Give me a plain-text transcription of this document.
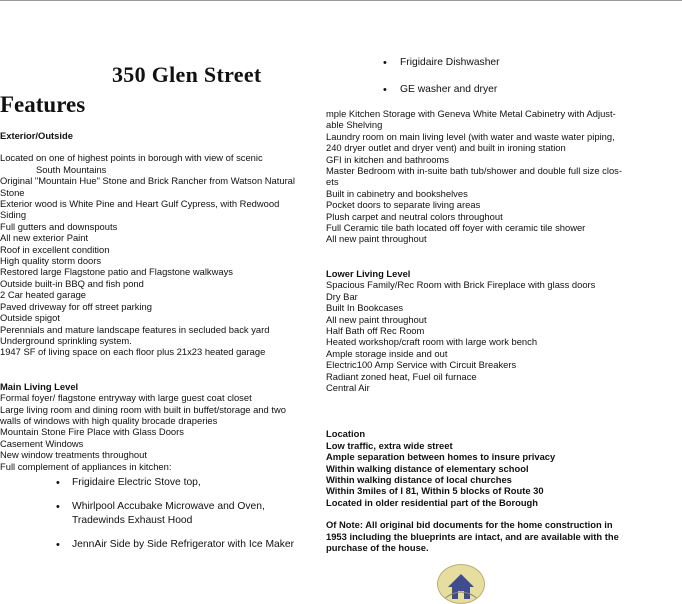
350 Glen Street
Features
• Frigidaire Dishwasher
• GE washer and dryer
Exterior/Outside
Located on one of highest points in borough with view of scenic
South Mountains
Original "Mountain Hue" Stone and Brick Rancher from Watson Natural
Stone
Exterior wood is White Pine and Heart Gulf Cypress, with Redwood
Siding
Full gutters and downspouts
All new exterior Paint
Roof in excellent condition
High quality storm doors
Restored large Flagstone patio and Flagstone walkways
Outside built-in BBQ and fish pond
2 Car heated garage
Paved driveway for off street parking
Outside spigot
Perennials and mature landscape features in secluded back yard
Underground sprinkling system.
1947 SF of living space on each floor plus 21x23 heated garage
Main Living Level
Formal foyer/ flagstone entryway with large guest coat closet
Large living room and dining room with built in buffet/storage and two
walls of windows with high quality brocade draperies
Mountain Stone Fire Place with Glass Doors
Casement Windows
New window treatments throughout
Full complement of appliances in kitchen:
• Frigidaire Electric Stove top,
• Whirlpool Accubake Microwave and Oven, Tradewinds Exhaust Hood
• JennAir Side by Side Refrigerator with Ice Maker
mple Kitchen Storage with Geneva White Metal Cabinetry with Adjust-
able Shelving
Laundry room on main living level (with water and waste water piping,
240 dryer outlet and dryer vent) and built in ironing station
GFI in kitchen and bathrooms
Master Bedroom with in-suite bath tub/shower and double full size clos-
ets
Built in cabinetry and bookshelves
Pocket doors to separate living areas
Plush carpet and neutral colors throughout
Full Ceramic tile bath located off foyer with ceramic tile shower
All new paint throughout
Lower Living Level
Spacious Family/Rec Room with Brick Fireplace with glass doors
Dry Bar
Built In Bookcases
All new paint throughout
Half Bath off Rec Room
Heated workshop/craft room with large work bench
Ample storage inside and out
Electric100 Amp Service with Circuit Breakers
Radiant zoned heat, Fuel oil furnace
Central Air
Location
Low traffic, extra wide street
Ample separation between homes to insure privacy
Within walking distance of elementary school
Within walking distance of local churches
Within 3miles of I 81, Within 5 blocks of Route 30
Located in older residential part of the Borough
Of Note: All original bid documents for the home construction in
1953 including the blueprints are intact, and are available with the
purchase of the house.
